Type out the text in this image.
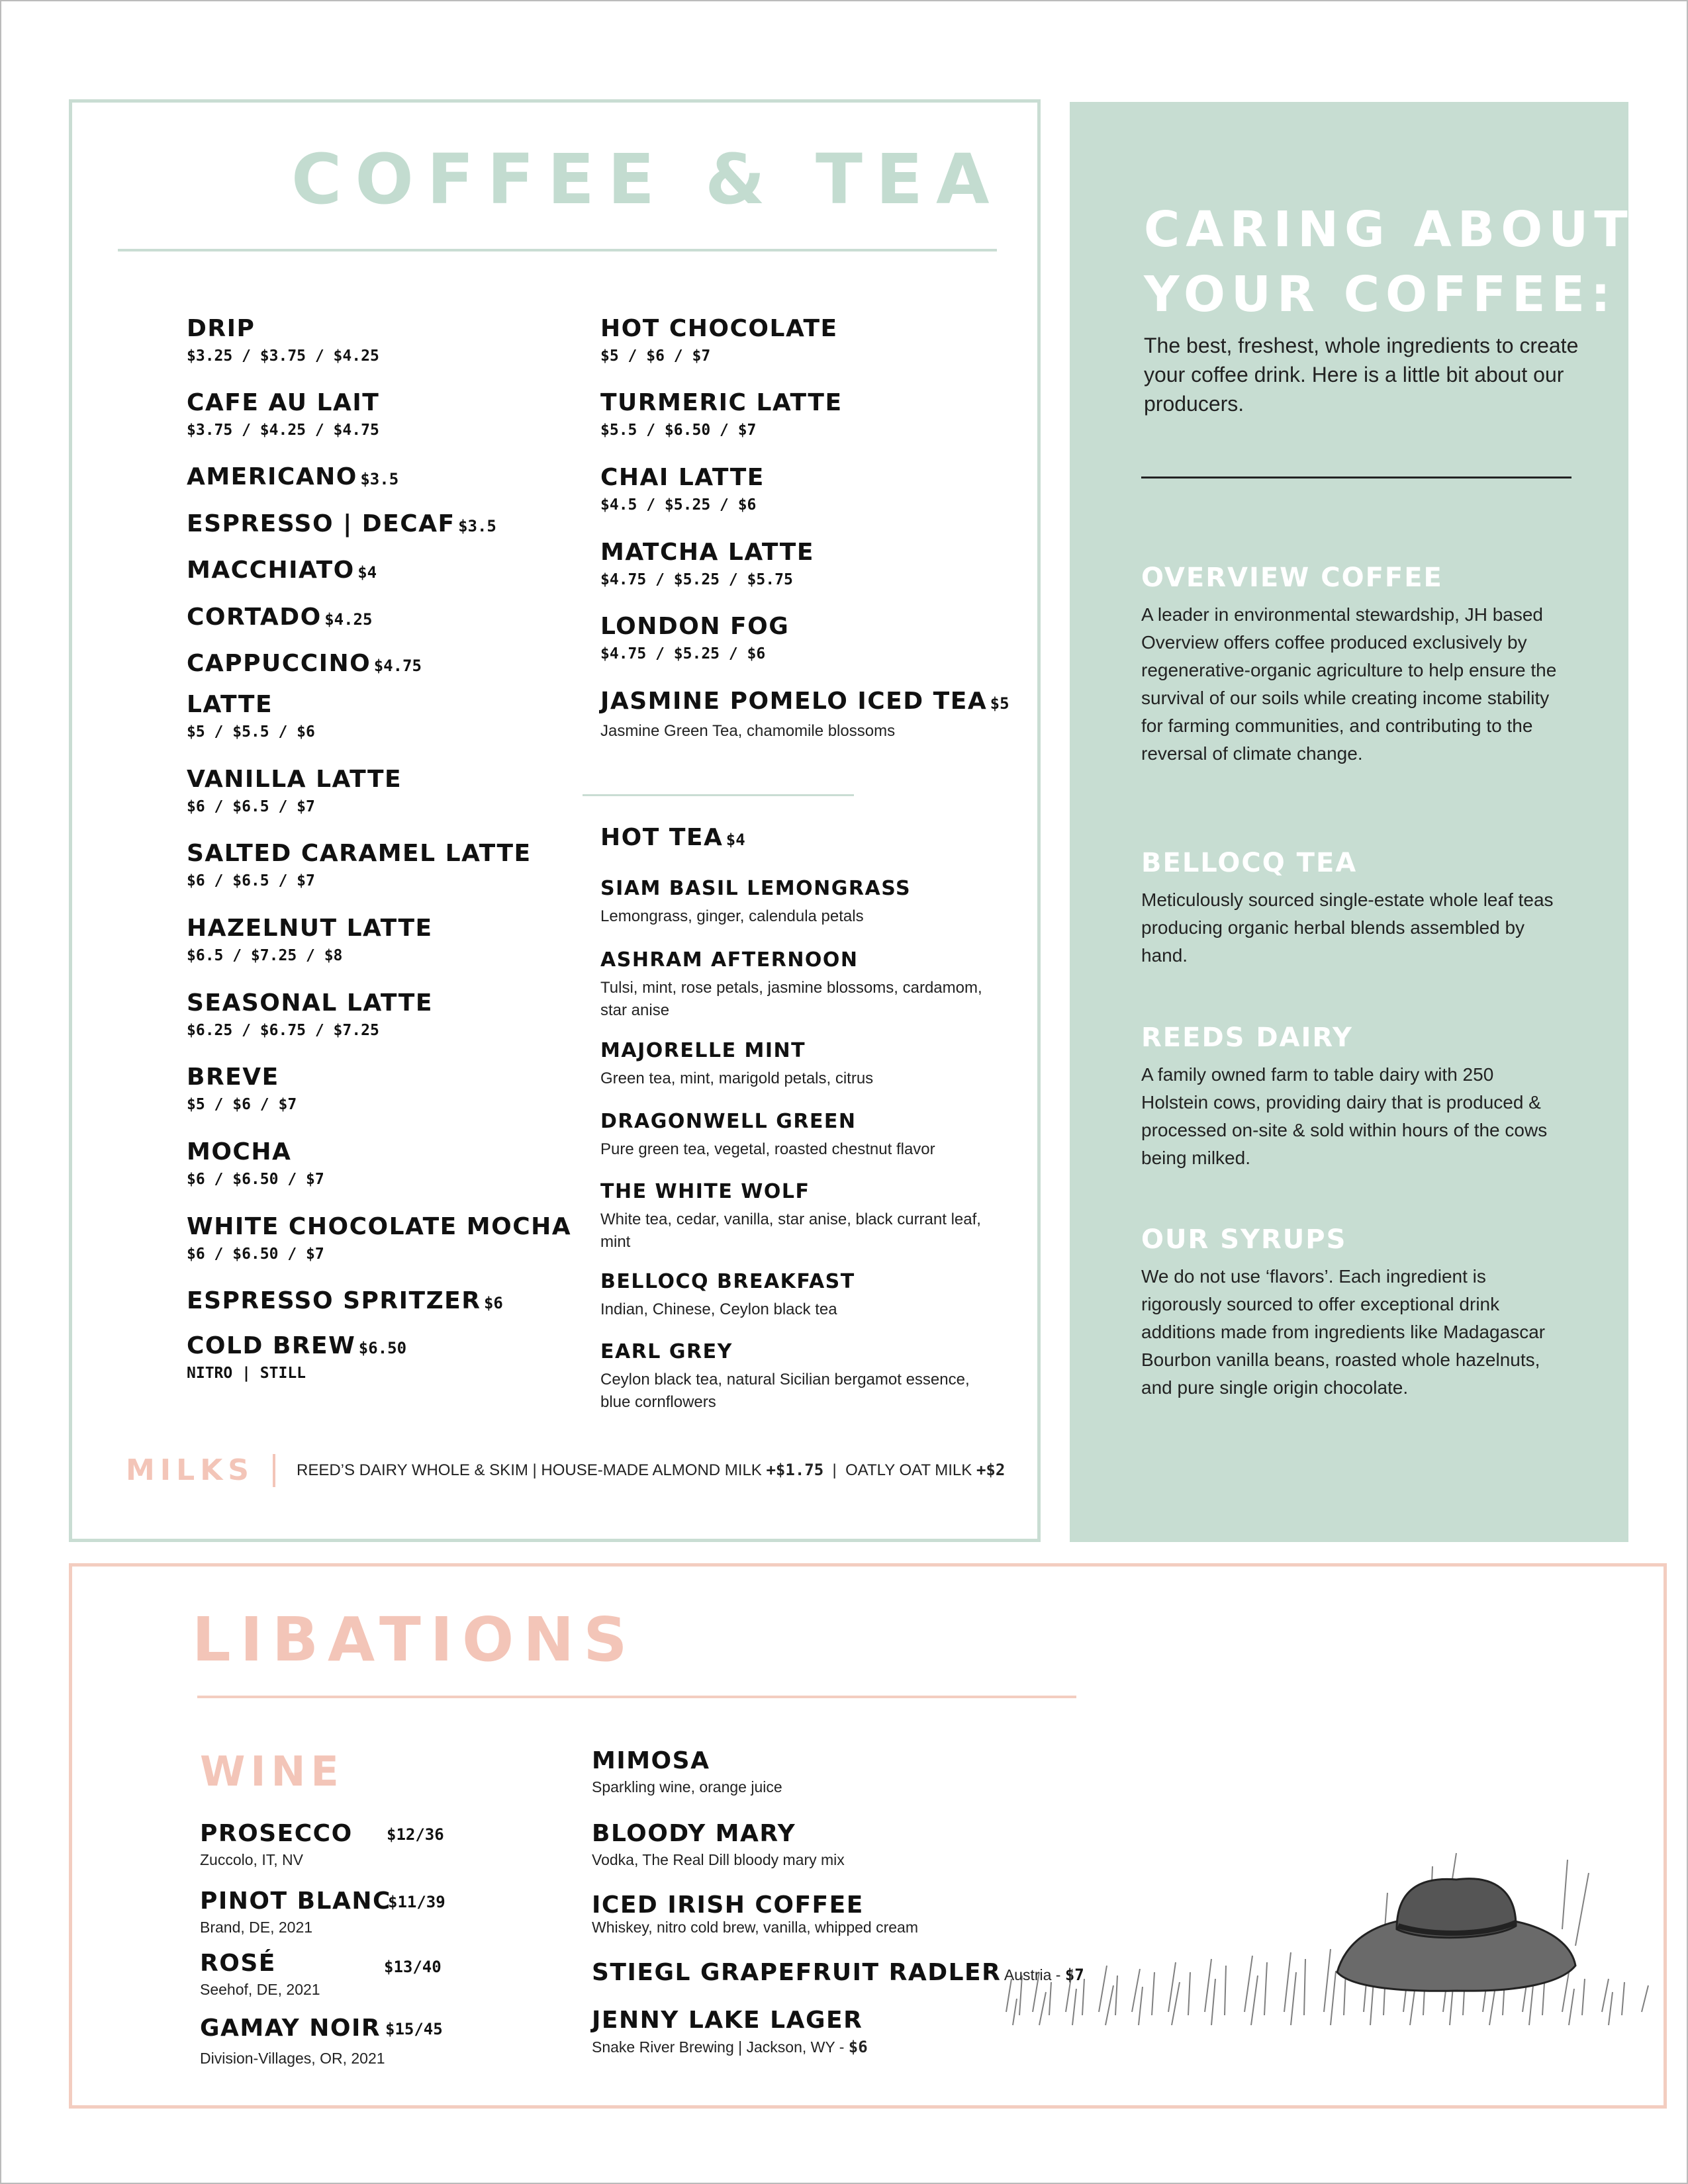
COFFEE & TEA
DRIP
$3.25 / $3.75 / $4.25
CAFE AU LAIT
$3.75 / $4.25 / $4.75
AMERICANO $3.5
ESPRESSO | DECAF $3.5
MACCHIATO $4
CORTADO $4.25
CAPPUCCINO $4.75
LATTE
$5 / $5.5 / $6
VANILLA LATTE
$6 / $6.5 / $7
SALTED CARAMEL LATTE
$6 / $6.5 / $7
HAZELNUT LATTE
$6.5 / $7.25 / $8
SEASONAL LATTE
$6.25 / $6.75 / $7.25
BREVE
$5 / $6 / $7
MOCHA
$6 / $6.50 / $7
WHITE CHOCOLATE MOCHA
$6 / $6.50 / $7
ESPRESSO SPRITZER $6
COLD BREW $6.50
NITRO | STILL
HOT CHOCOLATE
$5 / $6 / $7
TURMERIC LATTE
$5.5 / $6.50 / $7
CHAI LATTE
$4.5 / $5.25 / $6
MATCHA LATTE
$4.75 / $5.25 / $5.75
LONDON FOG
$4.75 / $5.25 / $6
JASMINE POMELO ICED TEA $5
Jasmine Green Tea, chamomile blossoms
HOT TEA $4
SIAM BASIL LEMONGRASS
Lemongrass, ginger, calendula petals
ASHRAM AFTERNOON
Tulsi, mint, rose petals, jasmine blossoms, cardamom, star anise
MAJORELLE MINT
Green tea, mint, marigold petals, citrus
DRAGONWELL GREEN
Pure green tea, vegetal, roasted chestnut flavor
THE WHITE WOLF
White tea, cedar, vanilla, star anise, black currant leaf, mint
BELLOCQ BREAKFAST
Indian, Chinese, Ceylon black tea
EARL GREY
Ceylon black tea, natural Sicilian bergamot essence, blue cornflowers
MILKS	REED’S DAIRY WHOLE & SKIM | HOUSE-MADE ALMOND MILK +$1.75  |  OATLY OAT MILK +$2
CARING ABOUT
YOUR COFFEE:
The best, freshest, whole ingredients to create your coffee drink. Here is a little bit about our producers.
OVERVIEW COFFEE
A leader in environmental stewardship, JH based Overview offers coffee produced exclusively by regenerative-organic agriculture to help ensure the survival of our soils while creating income stability for farming communities, and contributing to the reversal of climate change.
BELLOCQ TEA
Meticulously sourced single-estate whole leaf teas producing organic herbal blends assembled by hand.
REEDS DAIRY
A family owned farm to table dairy with 250 Holstein cows, providing dairy that is produced & processed on-site & sold within hours of the cows being milked.
OUR SYRUPS
We do not use ‘flavors’. Each ingredient is rigorously sourced to offer exceptional drink additions made from ingredients like Madagascar Bourbon vanilla beans, roasted whole hazelnuts, and pure single origin chocolate.
LIBATIONS
WINE
PROSECCO
Zuccolo, IT, NV
$12/36
PINOT BLANC
Brand, DE, 2021
$11/39
ROSÉ
Seehof, DE, 2021
$13/40
GAMAY NOIR
Division-Villages, OR, 2021
$15/45
MIMOSA
Sparkling wine, orange juice
BLOODY MARY
Vodka, The Real Dill bloody mary mix
ICED IRISH COFFEE
Whiskey, nitro cold brew, vanilla, whipped cream
STIEGL GRAPEFRUIT RADLER Austria - $7
JENNY LAKE LAGER
Snake River Brewing | Jackson, WY - $6
